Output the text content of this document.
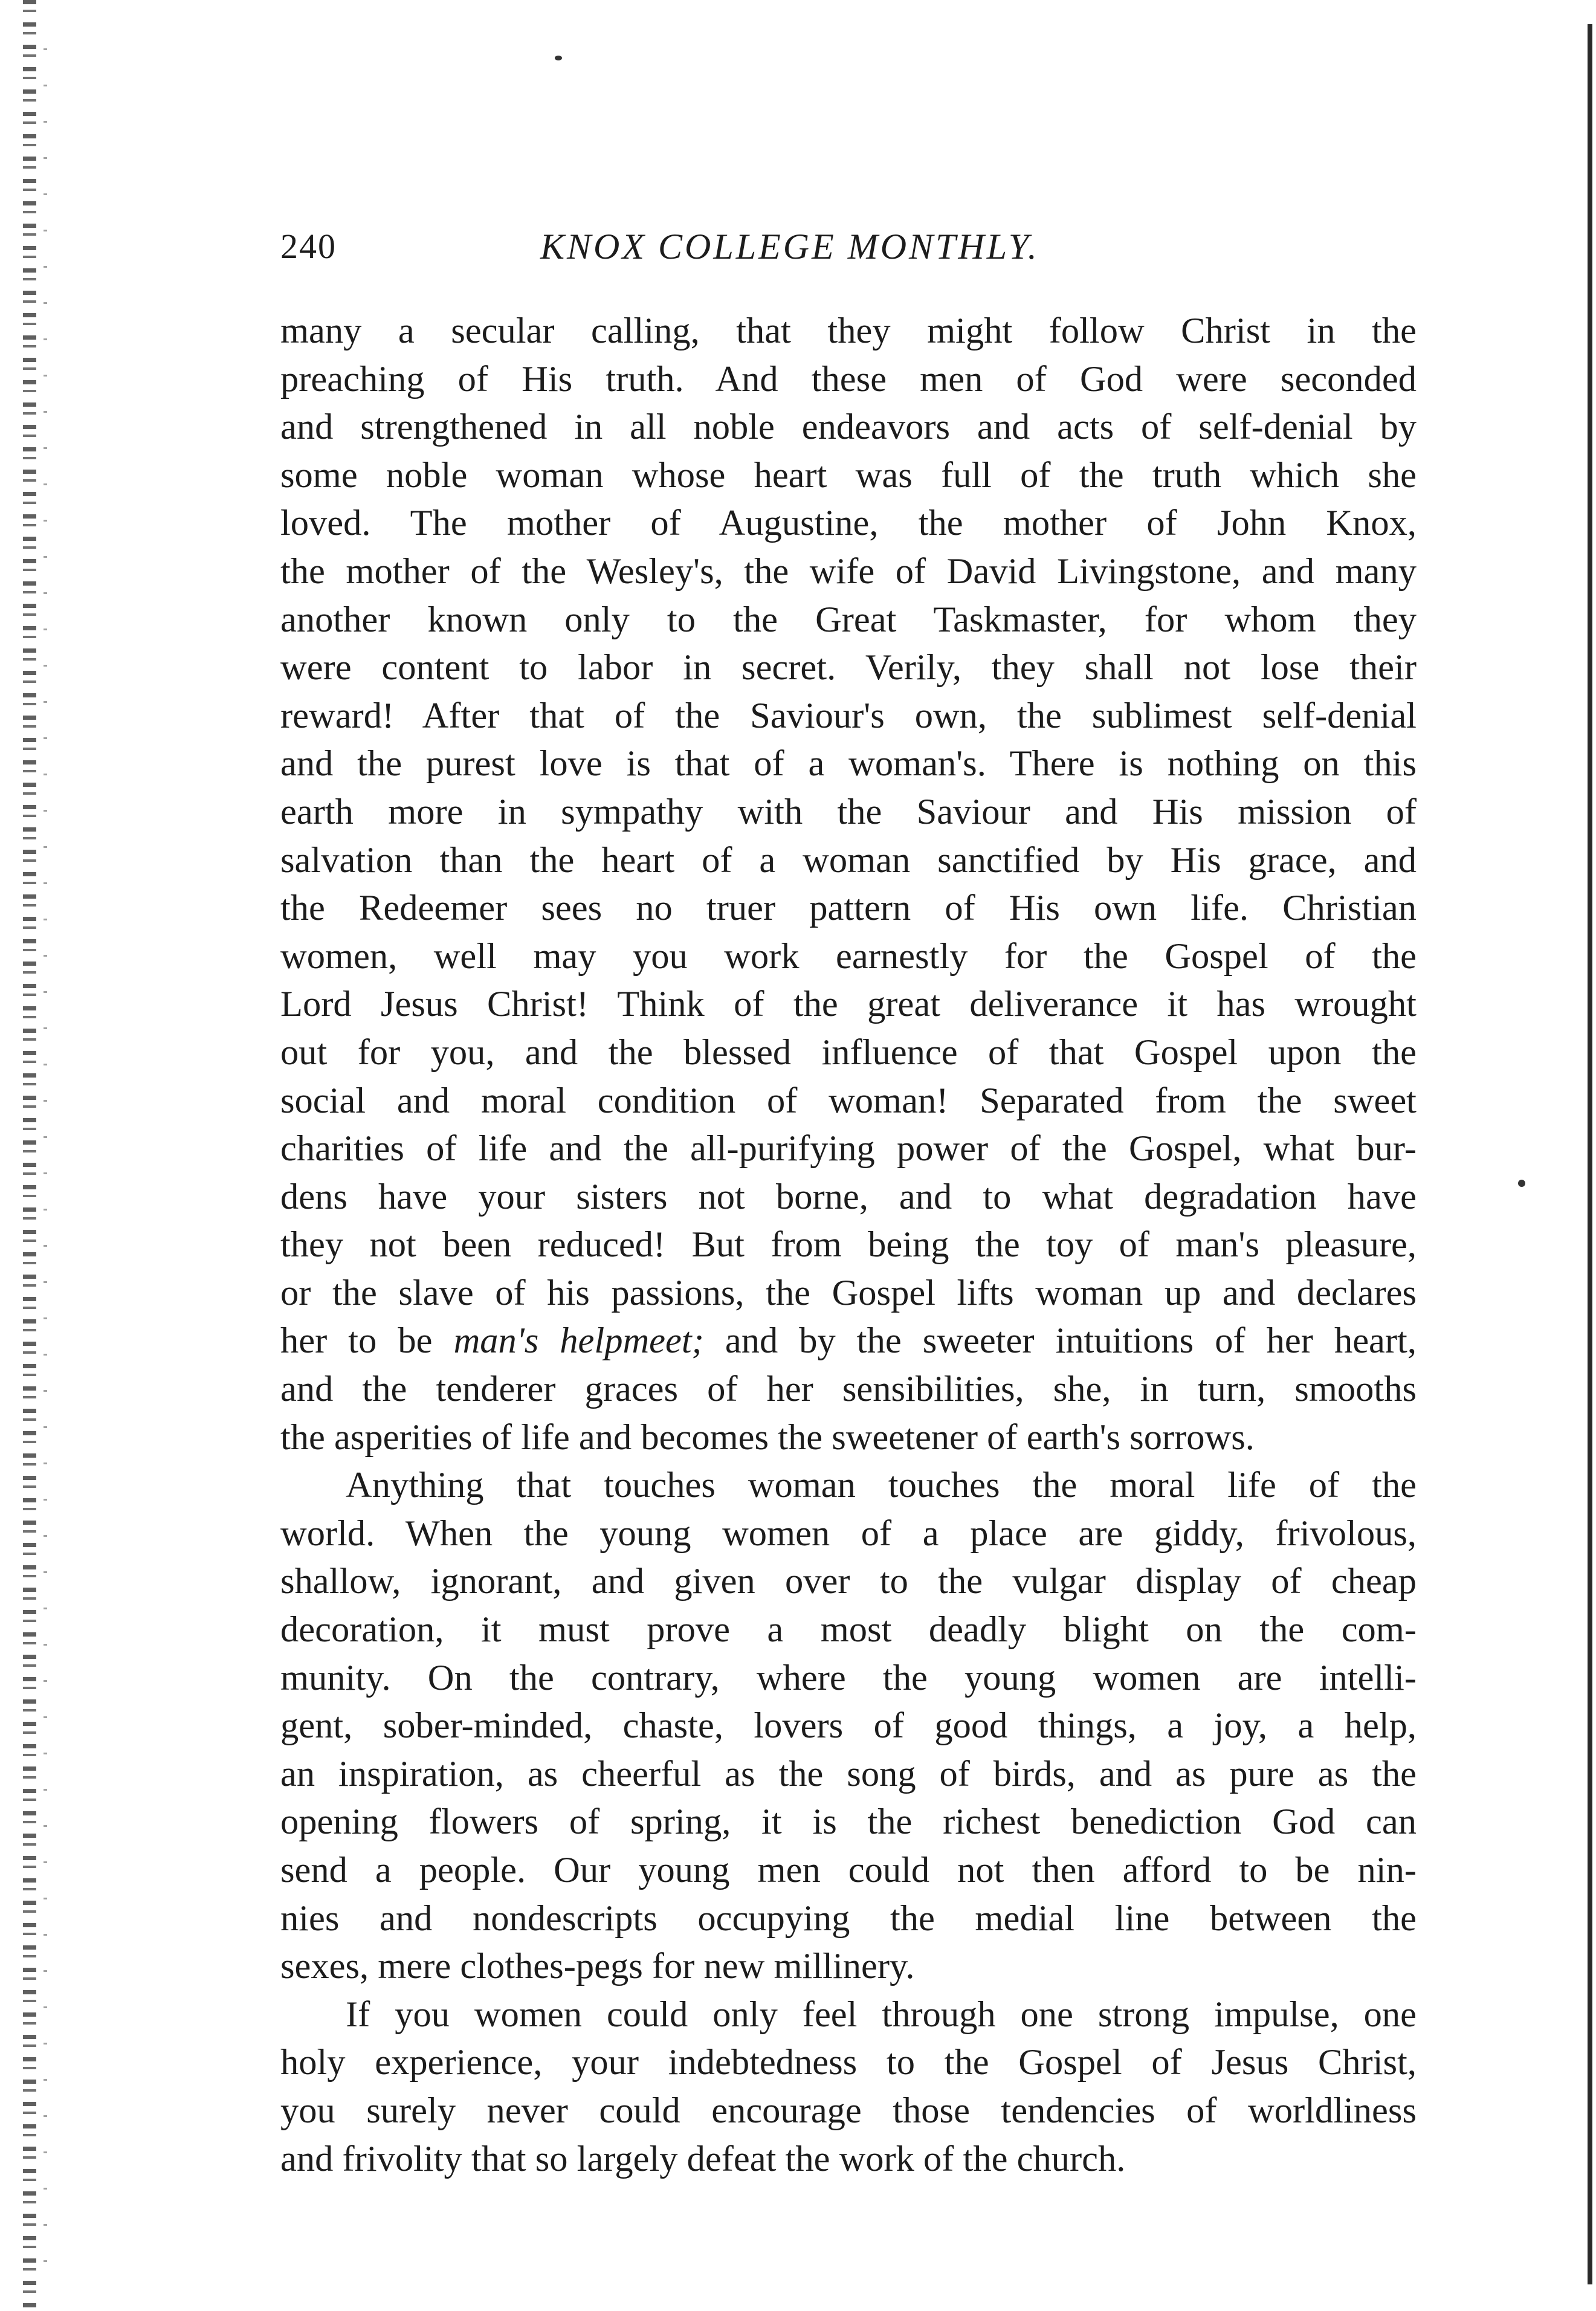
240	KNOX COLLEGE MONTHLY.

many a secular calling, that they might follow Christ in the
preaching of His truth. And these men of God were seconded
and strengthened in all noble endeavors and acts of self-denial by
some noble woman whose heart was full of the truth which she
loved. The mother of Augustine, the mother of John Knox,
the mother of the Wesley's, the wife of David Livingstone, and many
another known only to the Great Taskmaster, for whom they
were content to labor in secret. Verily, they shall not lose their
reward! After that of the Saviour's own, the sublimest self-denial
and the purest love is that of a woman's. There is nothing on this
earth more in sympathy with the Saviour and His mission of
salvation than the heart of a woman sanctified by His grace, and
the Redeemer sees no truer pattern of His own life. Christian
women, well may you work earnestly for the Gospel of the
Lord Jesus Christ! Think of the great deliverance it has wrought
out for you, and the blessed influence of that Gospel upon the
social and moral condition of woman! Separated from the sweet
charities of life and the all-purifying power of the Gospel, what bur-
dens have your sisters not borne, and to what degradation have
they not been reduced! But from being the toy of man's pleasure,
or the slave of his passions, the Gospel lifts woman up and declares
her to be man's helpmeet; and by the sweeter intuitions of her heart,
and the tenderer graces of her sensibilities, she, in turn, smooths
the asperities of life and becomes the sweetener of earth's sorrows.

Anything that touches woman touches the moral life of the
world. When the young women of a place are giddy, frivolous,
shallow, ignorant, and given over to the vulgar display of cheap
decoration, it must prove a most deadly blight on the com-
munity. On the contrary, where the young women are intelli-
gent, sober-minded, chaste, lovers of good things, a joy, a help,
an inspiration, as cheerful as the song of birds, and as pure as the
opening flowers of spring, it is the richest benediction God can
send a people. Our young men could not then afford to be nin-
nies and nondescripts occupying the medial line between the
sexes, mere clothes-pegs for new millinery.

If you women could only feel through one strong impulse, one
holy experience, your indebtedness to the Gospel of Jesus Christ,
you surely never could encourage those tendencies of worldliness
and frivolity that so largely defeat the work of the church.
